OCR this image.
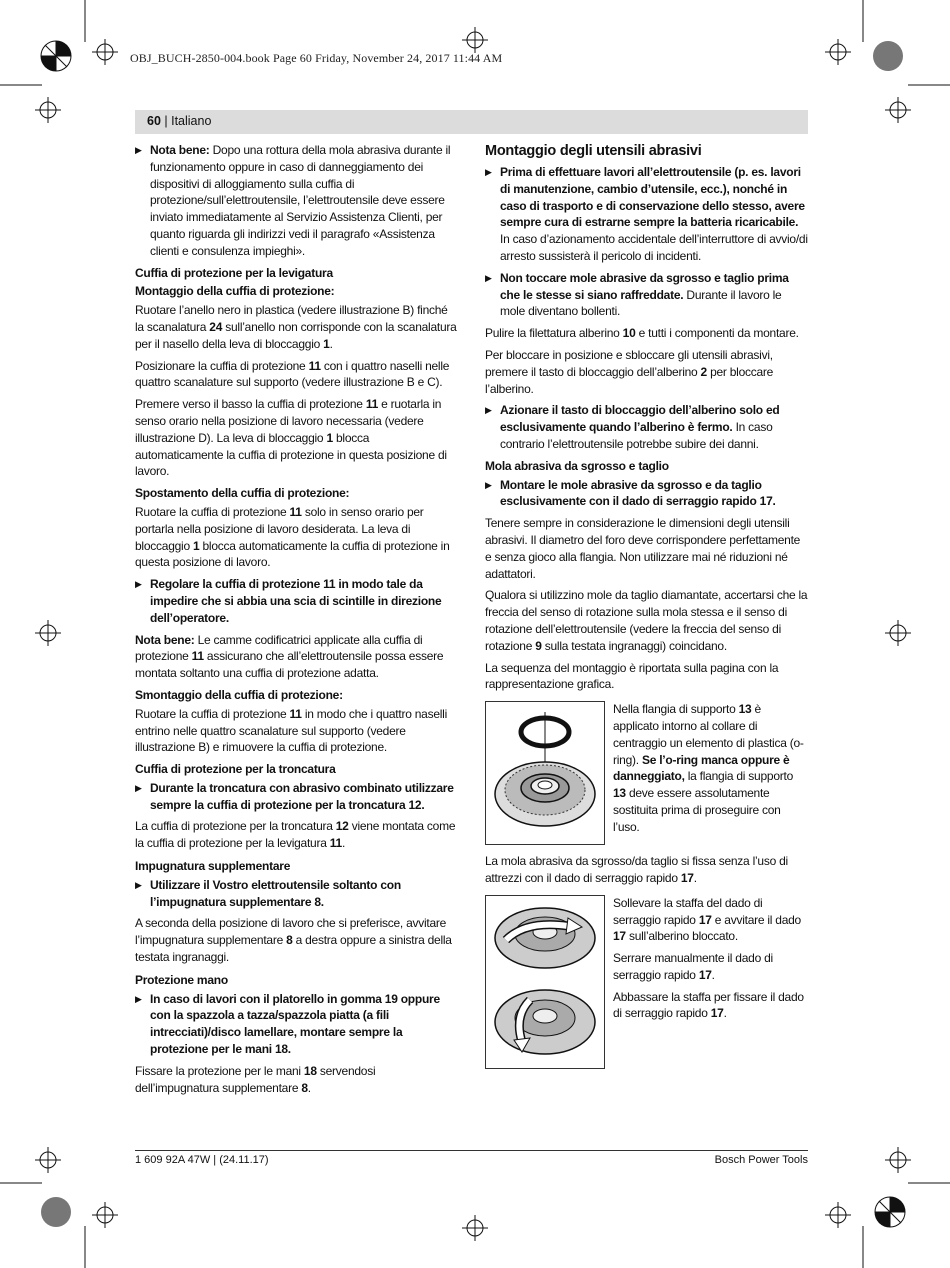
OBJ_BUCH-2850-004.book Page 60 Friday, November 24, 2017 11:44 AM
60 | Italiano
▶ Nota bene: Dopo una rottura della mola abrasiva durante il funzionamento oppure in caso di danneggiamento dei dispositivi di alloggiamento sulla cuffia di protezione/sull’elettroutensile, l’elettroutensile deve essere inviato immediatamente al Servizio Assistenza Clienti, per quanto riguarda gli indirizzi vedi il paragrafo «Assistenza clienti e consulenza impieghi».
Cuffia di protezione per la levigatura
Montaggio della cuffia di protezione:

Ruotare l’anello nero in plastica (vedere illustrazione B) finché la scanalatura 24 sull’anello non corrisponde con la scanalatura per il nasello della leva di bloccaggio 1.

Posizionare la cuffia di protezione 11 con i quattro naselli nelle quattro scanalature sul supporto (vedere illustrazione B e C).

Premere verso il basso la cuffia di protezione 11 e ruotarla in senso orario nella posizione di lavoro necessaria (vedere illustrazione D). La leva di bloccaggio 1 blocca automaticamente la cuffia di protezione in questa posizione di lavoro.

Spostamento della cuffia di protezione:

Ruotare la cuffia di protezione 11 solo in senso orario per portarla nella posizione di lavoro desiderata. La leva di bloccaggio 1 blocca automaticamente la cuffia di protezione in questa posizione di lavoro.

▶ Regolare la cuffia di protezione 11 in modo tale da impedire che si abbia una scia di scintille in direzione dell’operatore.

Nota bene: Le camme codificatrici applicate alla cuffia di protezione 11 assicurano che all’elettroutensile possa essere montata soltanto una cuffia di protezione adatta.

Smontaggio della cuffia di protezione:

Ruotare la cuffia di protezione 11 in modo che i quattro naselli entrino nelle quattro scanalature sul supporto (vedere illustrazione B) e rimuovere la cuffia di protezione.

Cuffia di protezione per la troncatura
▶ Durante la troncatura con abrasivo combinato utilizzare sempre la cuffia di protezione per la troncatura 12.

La cuffia di protezione per la troncatura 12 viene montata come la cuffia di protezione per la levigatura 11.

Impugnatura supplementare
▶ Utilizzare il Vostro elettroutensile soltanto con l’impugnatura supplementare 8.

A seconda della posizione di lavoro che si preferisce, avvitare l’impugnatura supplementare 8 a destra oppure a sinistra della testata ingranaggi.

Protezione mano
▶ In caso di lavori con il platorello in gomma 19 oppure con la spazzola a tazza/spazzola piatta (a fili intrecciati)/disco lamellare, montare sempre la protezione per le mani 18.

Fissare la protezione per le mani 18 servendosi dell’impugnatura supplementare 8.

Montaggio degli utensili abrasivi
▶ Prima di effettuare lavori all’elettroutensile (p. es. lavori di manutenzione, cambio d’utensile, ecc.), nonché in caso di trasporto e di conservazione dello stesso, avere sempre cura di estrarne sempre la batteria ricaricabile. In caso d’azionamento accidentale dell’interruttore di avvio/di arresto sussisterà il pericolo di incidenti.
▶ Non toccare mole abrasive da sgrosso e taglio prima che le stesse si siano raffreddate. Durante il lavoro le mole diventano bollenti.

Pulire la filettatura alberino 10 e tutti i componenti da montare.

Per bloccare in posizione e sbloccare gli utensili abrasivi, premere il tasto di bloccaggio dell’alberino 2 per bloccare l’alberino.

▶ Azionare il tasto di bloccaggio dell’alberino solo ed esclusivamente quando l’alberino è fermo. In caso contrario l’elettroutensile potrebbe subire dei danni.
Mola abrasiva da sgrosso e taglio
▶ Montare le mole abrasive da sgrosso e da taglio esclusivamente con il dado di serraggio rapido 17.

Tenere sempre in considerazione le dimensioni degli utensili abrasivi. Il diametro del foro deve corrispondere perfettamente e senza gioco alla flangia. Non utilizzare mai né riduzioni né adattatori.

Qualora si utilizzino mole da taglio diamantate, accertarsi che la freccia del senso di rotazione sulla mola stessa e il senso di rotazione dell’elettroutensile (vedere la freccia del senso di rotazione 9 sulla testata ingranaggi) coincidano.

La sequenza del montaggio è riportata sulla pagina con la rappresentazione grafica.

Nella flangia di supporto 13 è applicato intorno al collare di centraggio un elemento di plastica (o-ring). Se l’o-ring manca oppure è danneggiato, la flangia di supporto 13 deve essere assolutamente sostituita prima di proseguire con l’uso.

La mola abrasiva da sgrosso/da taglio si fissa senza l’uso di attrezzi con il dado di serraggio rapido 17.

Sollevare la staffa del dado di serraggio rapido 17 e avvitare il dado 17 sull’alberino bloccato.

Serrare manualmente il dado di serraggio rapido 17.

Abbassare la staffa per fissare il dado di serraggio rapido 17.

1 609 92A 47W | (24.11.17)	Bosch Power Tools
